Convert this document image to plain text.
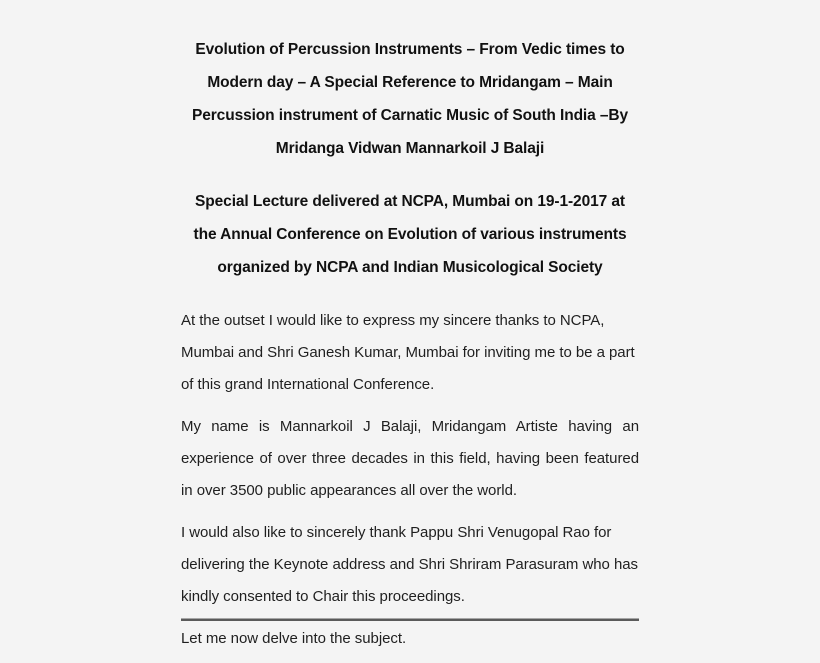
Evolution of Percussion Instruments – From Vedic times to
Modern day – A Special Reference to Mridangam – Main
Percussion instrument of Carnatic Music of South India –By
Mridanga Vidwan Mannarkoil J Balaji
Special Lecture delivered at NCPA, Mumbai on 19-1-2017 at
the Annual Conference on Evolution of various instruments
organized by NCPA and Indian Musicological Society

At the outset I would like to express my sincere thanks to NCPA, Mumbai and Shri Ganesh Kumar, Mumbai for inviting me to be a part of this grand International Conference.

My name is Mannarkoil J Balaji, Mridangam Artiste having an experience of over three decades in this field, having been featured in over 3500 public appearances all over the world.

I would also like to sincerely thank Pappu Shri Venugopal Rao for delivering the Keynote address and Shri Shriram Parasuram who has kindly consented to Chair this proceedings.

Let me now delve into the subject.
